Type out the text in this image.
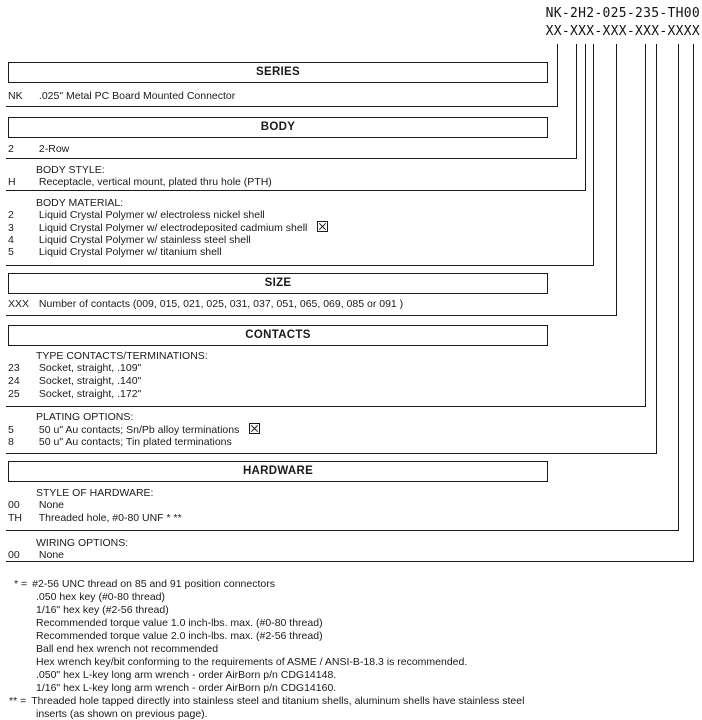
NK-2H2-025-235-TH00
XX-XXX-XXX-XXX-XXXX
SERIES
NK .025" Metal PC Board Mounted Connector
BODY
2 2-Row
BODY STYLE:
H Receptacle, vertical mount, plated thru hole (PTH)
BODY MATERIAL:
2 Liquid Crystal Polymer w/ electroless nickel shell
3 Liquid Crystal Polymer w/ electrodeposited cadmium shell
4 Liquid Crystal Polymer w/ stainless steel shell
5 Liquid Crystal Polymer w/ titanium shell
SIZE
XXX Number of contacts (009, 015, 021, 025, 031, 037, 051, 065, 069, 085 or 091 )
CONTACTS
TYPE CONTACTS/TERMINATIONS:
23 Socket, straight, .109"
24 Socket, straight, .140"
25 Socket, straight, .172"
PLATING OPTIONS:
5 50 u" Au contacts; Sn/Pb alloy terminations
8 50 u" Au contacts; Tin plated terminations
HARDWARE
STYLE OF HARDWARE:
00 None
TH Threaded hole, #0-80 UNF * **
WIRING OPTIONS:
00 None
* = #2-56 UNC thread on 85 and 91 position connectors
.050 hex key (#0-80 thread)
1/16" hex key (#2-56 thread)
Recommended torque value 1.0 inch-lbs. max. (#0-80 thread)
Recommended torque value 2.0 inch-lbs. max. (#2-56 thread)
Ball end hex wrench not recommended
Hex wrench key/bit conforming to the requirements of ASME / ANSI-B-18.3 is recommended.
.050" hex L-key long arm wrench - order AirBorn p/n CDG14148.
1/16" hex L-key long arm wrench - order AirBorn p/n CDG14160.
** = Threaded hole tapped directly into stainless steel and titanium shells, aluminum shells have stainless steel
inserts (as shown on previous page).
